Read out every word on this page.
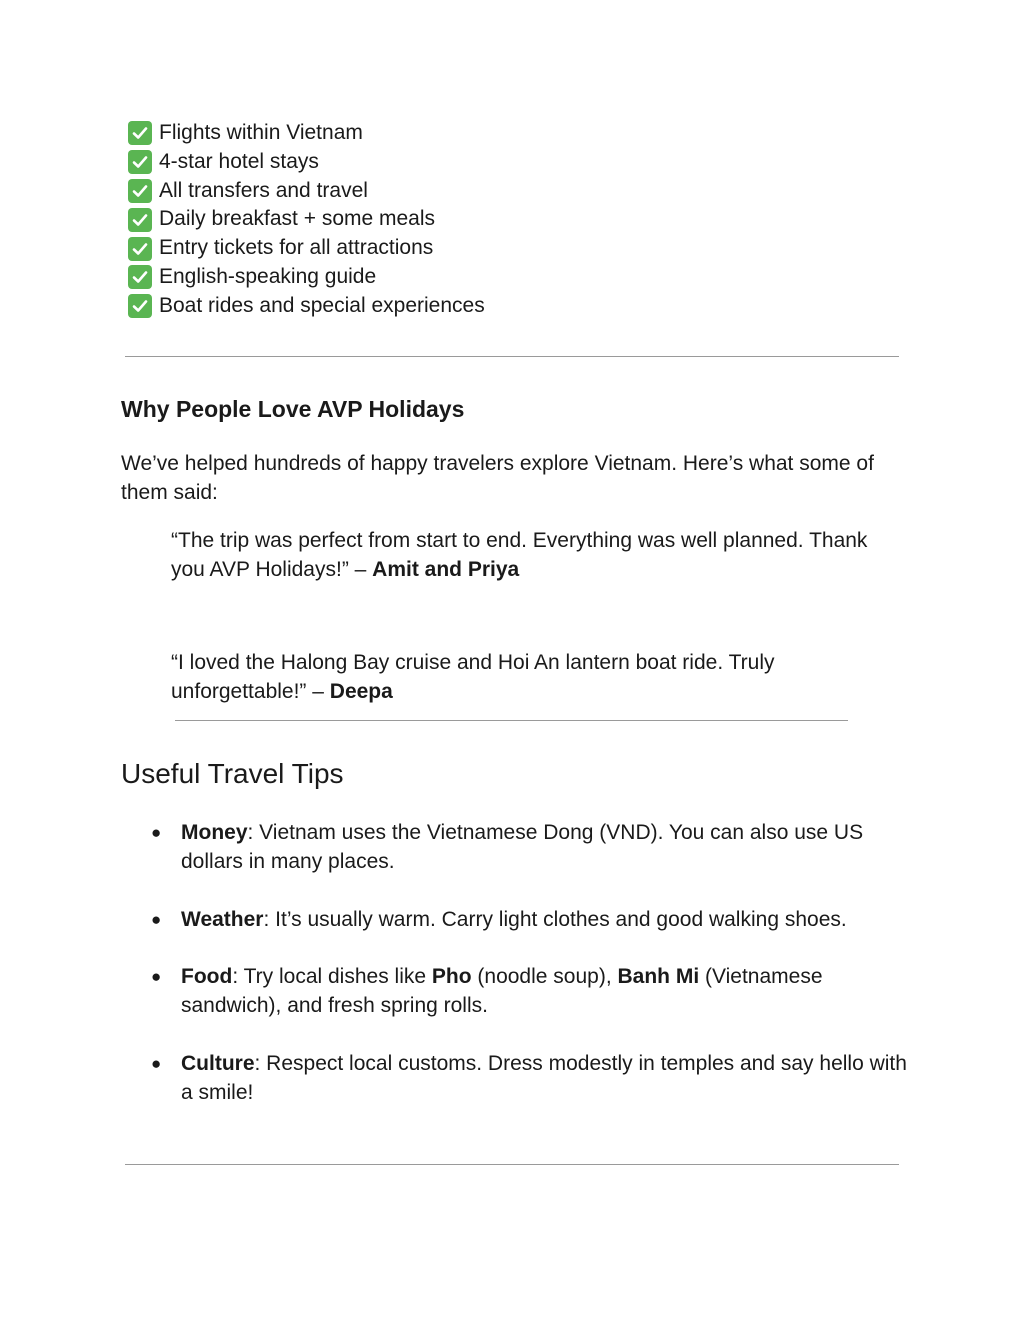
Flights within Vietnam
4-star hotel stays
All transfers and travel
Daily breakfast + some meals
Entry tickets for all attractions
English-speaking guide
Boat rides and special experiences
Why People Love AVP Holidays

We’ve helped hundreds of happy travelers explore Vietnam. Here’s what some of them said:

“The trip was perfect from start to end. Everything was well planned. Thank you AVP Holidays!” – Amit and Priya

“I loved the Halong Bay cruise and Hoi An lantern boat ride. Truly unforgettable!” – Deepa

Useful Travel Tips
● Money: Vietnam uses the Vietnamese Dong (VND). You can also use US dollars in many places.
● Weather: It’s usually warm. Carry light clothes and good walking shoes.
● Food: Try local dishes like Pho (noodle soup), Banh Mi (Vietnamese sandwich), and fresh spring rolls.
● Culture: Respect local customs. Dress modestly in temples and say hello with a smile!
